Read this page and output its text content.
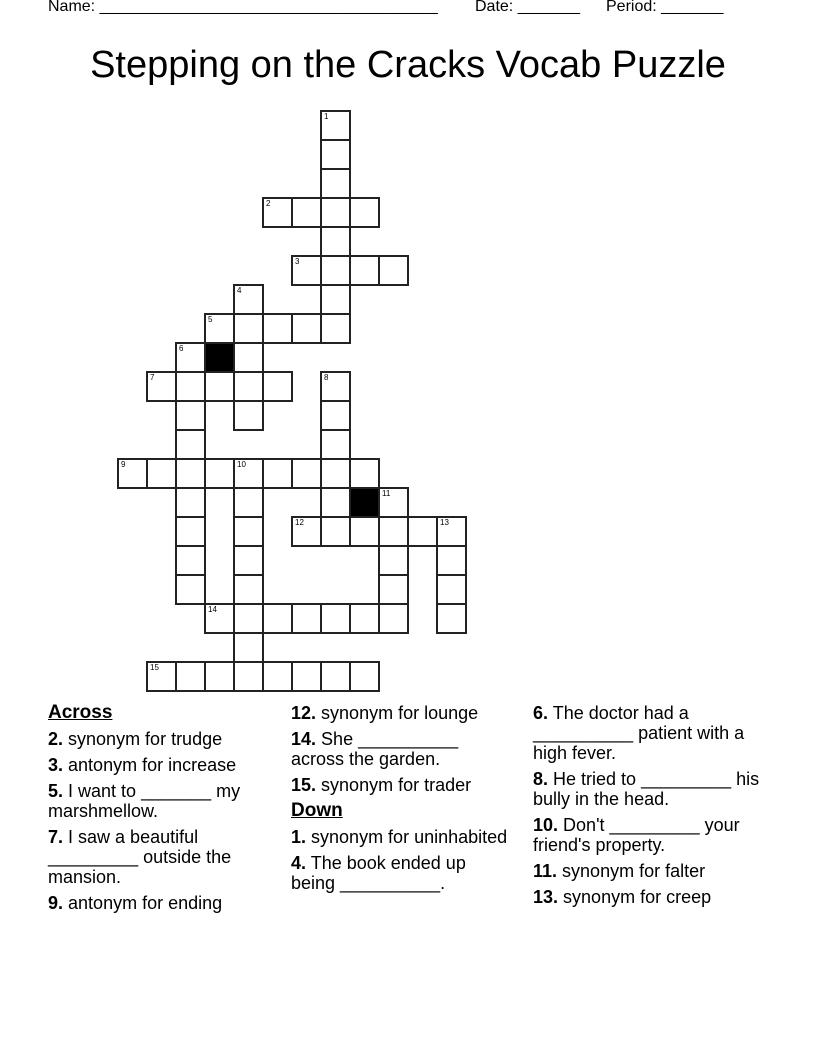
Name: ______________________________________ Date: _______ Period: _______
Stepping on the Cracks Vocab Puzzle
1
2
3
4
5
6
7	8
9	10
11
12	13
14
15
Across
2. synonym for trudge
3. antonym for increase
5. I want to _______ my marshmellow.
7. I saw a beautiful _________ outside the mansion.
9. antonym for ending
12. synonym for lounge
14. She __________ across the garden.
15. synonym for trader
Down
1. synonym for uninhabited
4. The book ended up being __________.
6. The doctor had a __________ patient with a high fever.
8. He tried to _________ his bully in the head.
10. Don't _________ your friend's property.
11. synonym for falter
13. synonym for creep
